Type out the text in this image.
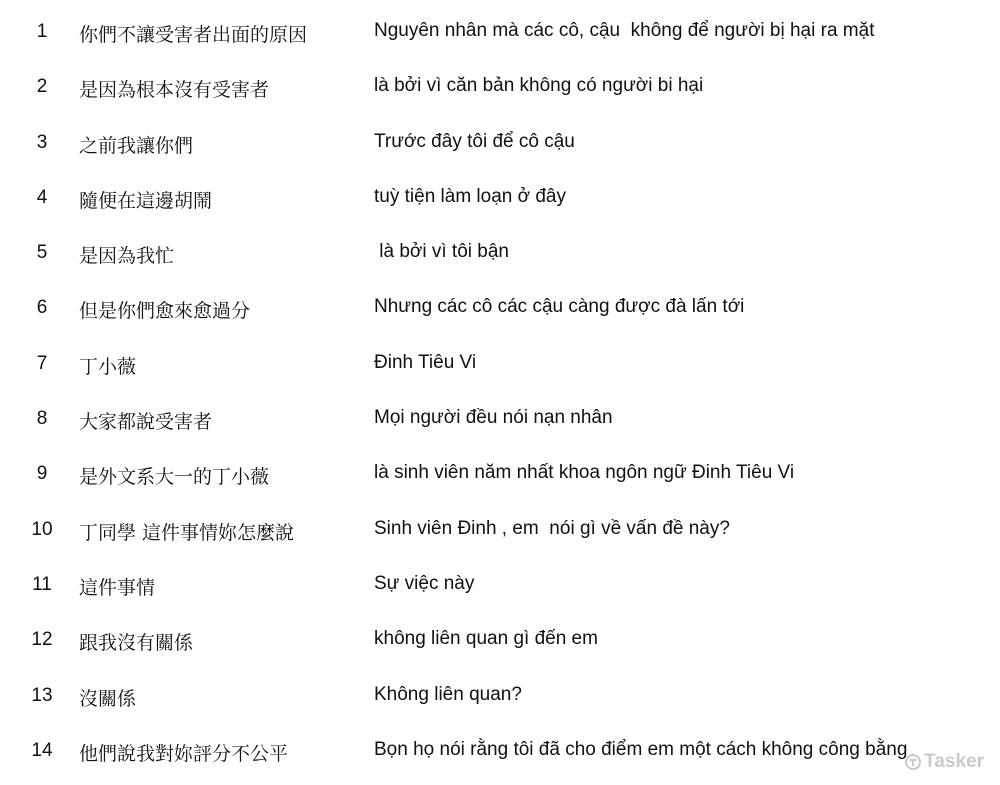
1	你們不讓受害者出面的原因	Nguyên nhân mà các cô, cậu  không để người bị hại ra mặt
2	是因為根本沒有受害者	là bởi vì căn bản không có người bi hại
3	之前我讓你們	Trước đây tôi để cô cậu
4	隨便在這邊胡鬧	tuỳ tiện làm loạn ở đây
5	是因為我忙	là bởi vì tôi bận
6	但是你們愈來愈過分	Nhưng các cô các cậu càng được đà lấn tới
7	丁小薇	Đinh Tiêu Vi
8	大家都說受害者	Mọi người đều nói nạn nhân
9	是外文系大一的丁小薇	là sinh viên năm nhất khoa ngôn ngữ Đinh Tiêu Vi
10 丁同學 這件事情妳怎麼說	Sinh viên Đinh , em  nói gì về vấn đề này?
11 這件事情	Sự việc này
12 跟我沒有關係	không liên quan gì đến em
13 沒關係	Không liên quan?
14 他們說我對妳評分不公平	Bọn họ nói rằng tôi đã cho điểm em một cách không công bằng
Tasker
